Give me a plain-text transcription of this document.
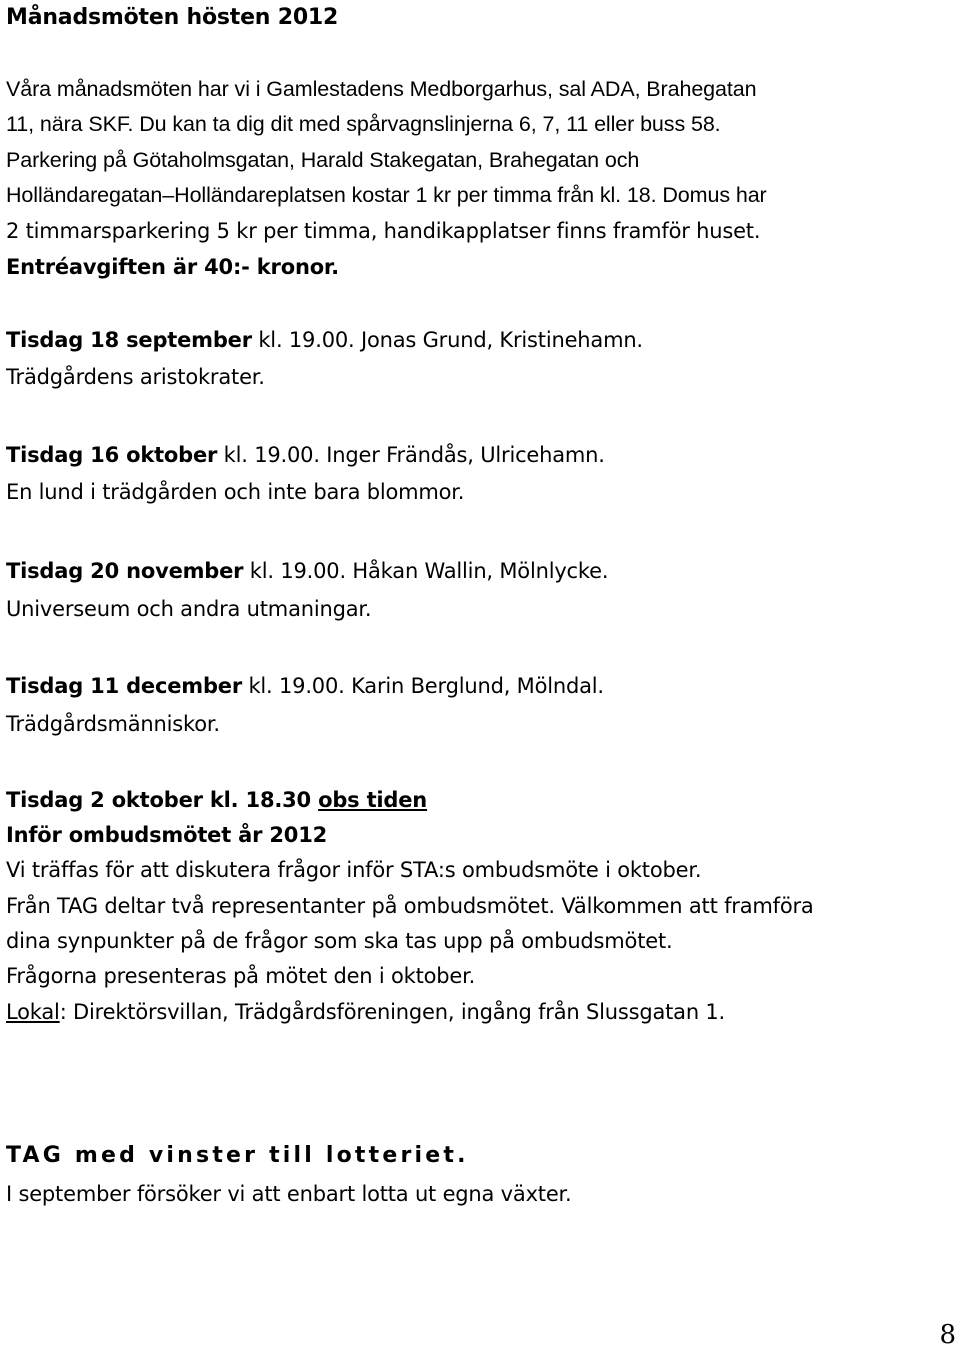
Månadsmöten hösten 2012
Våra månadsmöten har vi i Gamlestadens Medborgarhus, sal ADA, Brahegatan
11, nära SKF. Du kan ta dig dit med spårvagnslinjerna 6, 7, 11 eller buss 58.
Parkering på Götaholmsgatan, Harald Stakegatan, Brahegatan och
Holländaregatan–Holländareplatsen kostar 1 kr per timma från kl. 18. Domus har
2 timmarsparkering 5 kr per timma, handikapplatser finns framför huset.
Entréavgiften är 40:- kronor.
Tisdag 18 september kl. 19.00. Jonas Grund, Kristinehamn.
Trädgårdens aristokrater.
Tisdag 16 oktober kl. 19.00. Inger Frändås, Ulricehamn.
En lund i trädgården och inte bara blommor.
Tisdag 20 november kl. 19.00. Håkan Wallin, Mölnlycke.
Universeum och andra utmaningar.
Tisdag 11 december kl. 19.00. Karin Berglund, Mölndal.
Trädgårdsmänniskor.
Tisdag 2 oktober kl. 18.30 obs tiden
Inför ombudsmötet år 2012
Vi träffas för att diskutera frågor inför STA:s ombudsmöte i oktober.
Från TAG deltar två representanter på ombudsmötet. Välkommen att framföra
dina synpunkter på de frågor som ska tas upp på ombudsmötet.
Frågorna presenteras på mötet den i oktober.
Lokal: Direktörsvillan, Trädgårdsföreningen, ingång från Slussgatan 1.
TAG med vinster till lotteriet.
I september försöker vi att enbart lotta ut egna växter.
8
